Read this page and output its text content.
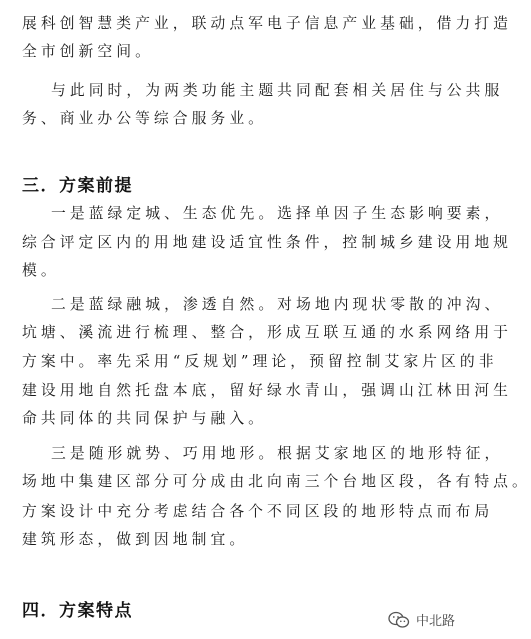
展科创智慧类产业，联动点军电子信息产业基础，借力打造
全市创新空间。
与此同时，为两类功能主题共同配套相关居住与公共服
务、商业办公等综合服务业。
三．方案前提
一是蓝绿定城、生态优先。选择单因子生态影响要素，
综合评定区内的用地建设适宜性条件，控制城乡建设用地规
模。
二是蓝绿融城，渗透自然。对场地内现状零散的冲沟、
坑塘、溪流进行梳理、整合，形成互联互通的水系网络用于
方案中。率先采用“反规划”理论，预留控制艾家片区的非
建设用地自然托盘本底，留好绿水青山，强调山江林田河生
命共同体的共同保护与融入。
三是随形就势、巧用地形。根据艾家地区的地形特征，
场地中集建区部分可分成由北向南三个台地区段，各有特点。
方案设计中充分考虑结合各个不同区段的地形特点而布局
建筑形态，做到因地制宜。
四．方案特点
中北路
